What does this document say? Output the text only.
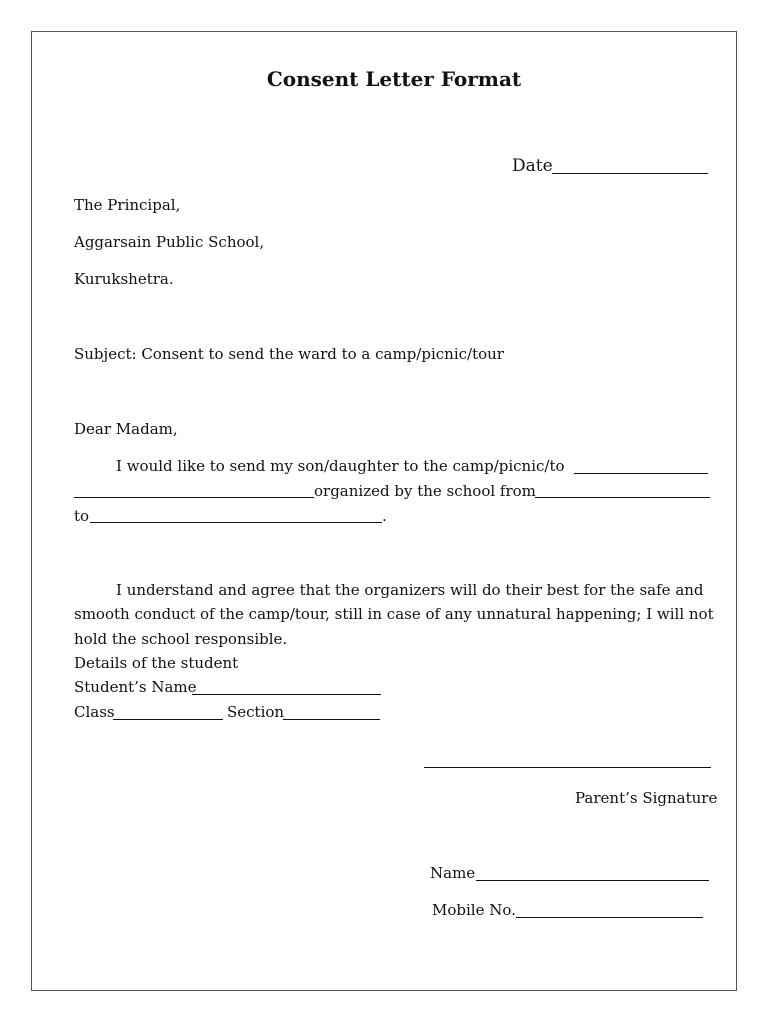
Consent Letter Format
Date
The Principal,
Aggarsain Public School,
Kurukshetra.
Subject: Consent to send the ward to a camp/picnic/tour
Dear Madam,
I would like to send my son/daughter to the camp/picnic/to
organized by the school from
to	.
I understand and agree that the organizers will do their best for the safe and
smooth conduct of the camp/tour, still in case of any unnatural happening; I will not
hold the school responsible.
Details of the student
Student’s Name
Class	Section
Parent’s Signature
Name
Mobile No.
